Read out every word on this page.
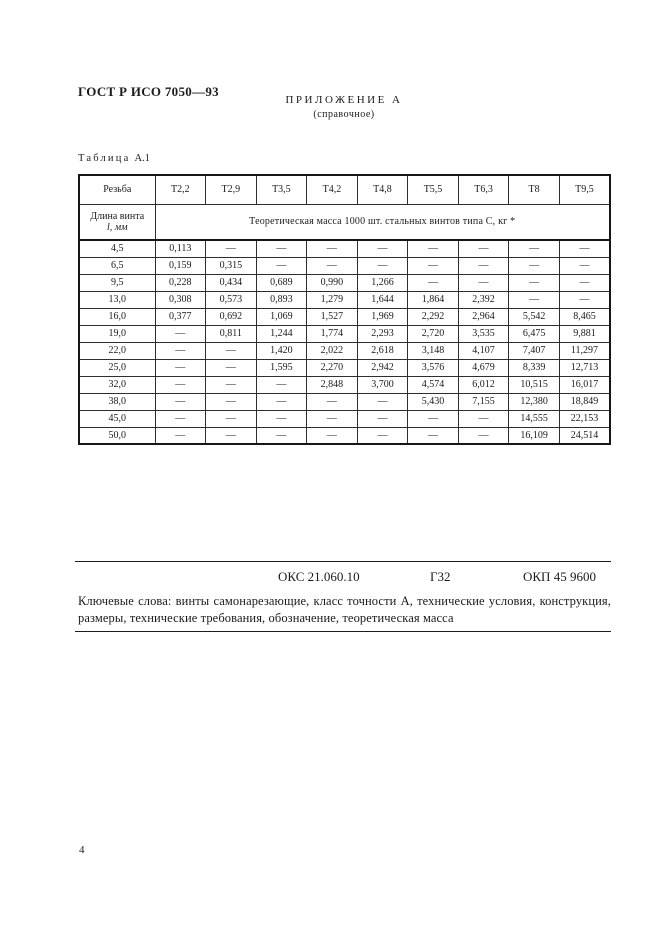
ГОСТ Р ИСО 7050—93
ПРИЛОЖЕНИЕ А
(справочное)
Таблица А.1
Резьба	Т2,2	Т2,9	Т3,5	Т4,2	Т4,8	Т5,5	Т6,3	Т8	Т9,5
Длина винта
l, мм	Теоретическая масса 1000 шт. стальных винтов типа С, кг *								
4,5	0,113	—	—	—	—	—	—	—	—
6,5	0,159	0,315	—	—	—	—	—	—	—
9,5	0,228	0,434	0,689	0,990	1,266	—	—	—	—
13,0	0,308	0,573	0,893	1,279	1,644	1,864	2,392	—	—
16,0	0,377	0,692	1,069	1,527	1,969	2,292	2,964	5,542	8,465
19,0	—	0,811	1,244	1,774	2,293	2,720	3,535	6,475	9,881
22,0	—	—	1,420	2,022	2,618	3,148	4,107	7,407	11,297
25,0	—	—	1,595	2,270	2,942	3,576	4,679	8,339	12,713
32,0	—	—	—	2,848	3,700	4,574	6,012	10,515	16,017
38,0	—	—	—	—	—	5,430	7,155	12,380	18,849
45,0	—	—	—	—	—	—	—	14,555	22,153
50,0	—	—	—	—	—	—	—	16,109	24,514
ОКС 21.060.10	Г32	ОКП 45 9600
Ключевые слова: винты самонарезающие, класс точности А, технические условия, конструкция, размеры, технические требования, обозначение, теоретическая масса
4
